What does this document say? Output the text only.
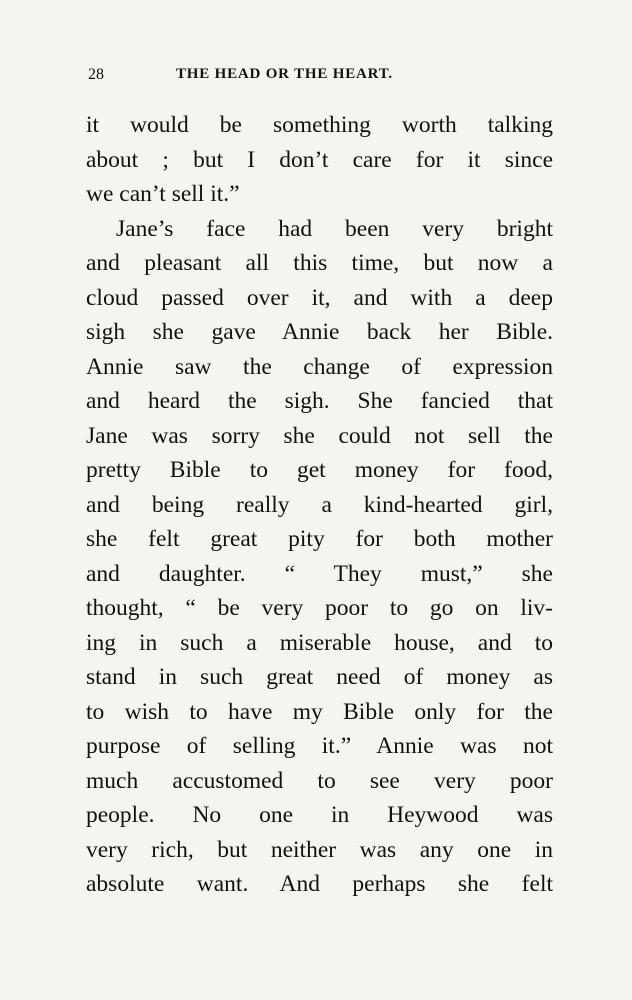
28	THE HEAD OR THE HEART.
it would be something worth talking
about ; but I don’t care for it since
we can’t sell it.”
Jane’s face had been very bright
and pleasant all this time, but now a
cloud passed over it, and with a deep
sigh she gave Annie back her Bible.
Annie saw the change of expression
and heard the sigh. She fancied that
Jane was sorry she could not sell the
pretty Bible to get money for food,
and being really a kind-hearted girl,
she felt great pity for both mother
and daughter. “ They must,” she
thought, “ be very poor to go on liv-
ing in such a miserable house, and to
stand in such great need of money as
to wish to have my Bible only for the
purpose of selling it.” Annie was not
much accustomed to see very poor
people. No one in Heywood was
very rich, but neither was any one in
absolute want. And perhaps she felt
